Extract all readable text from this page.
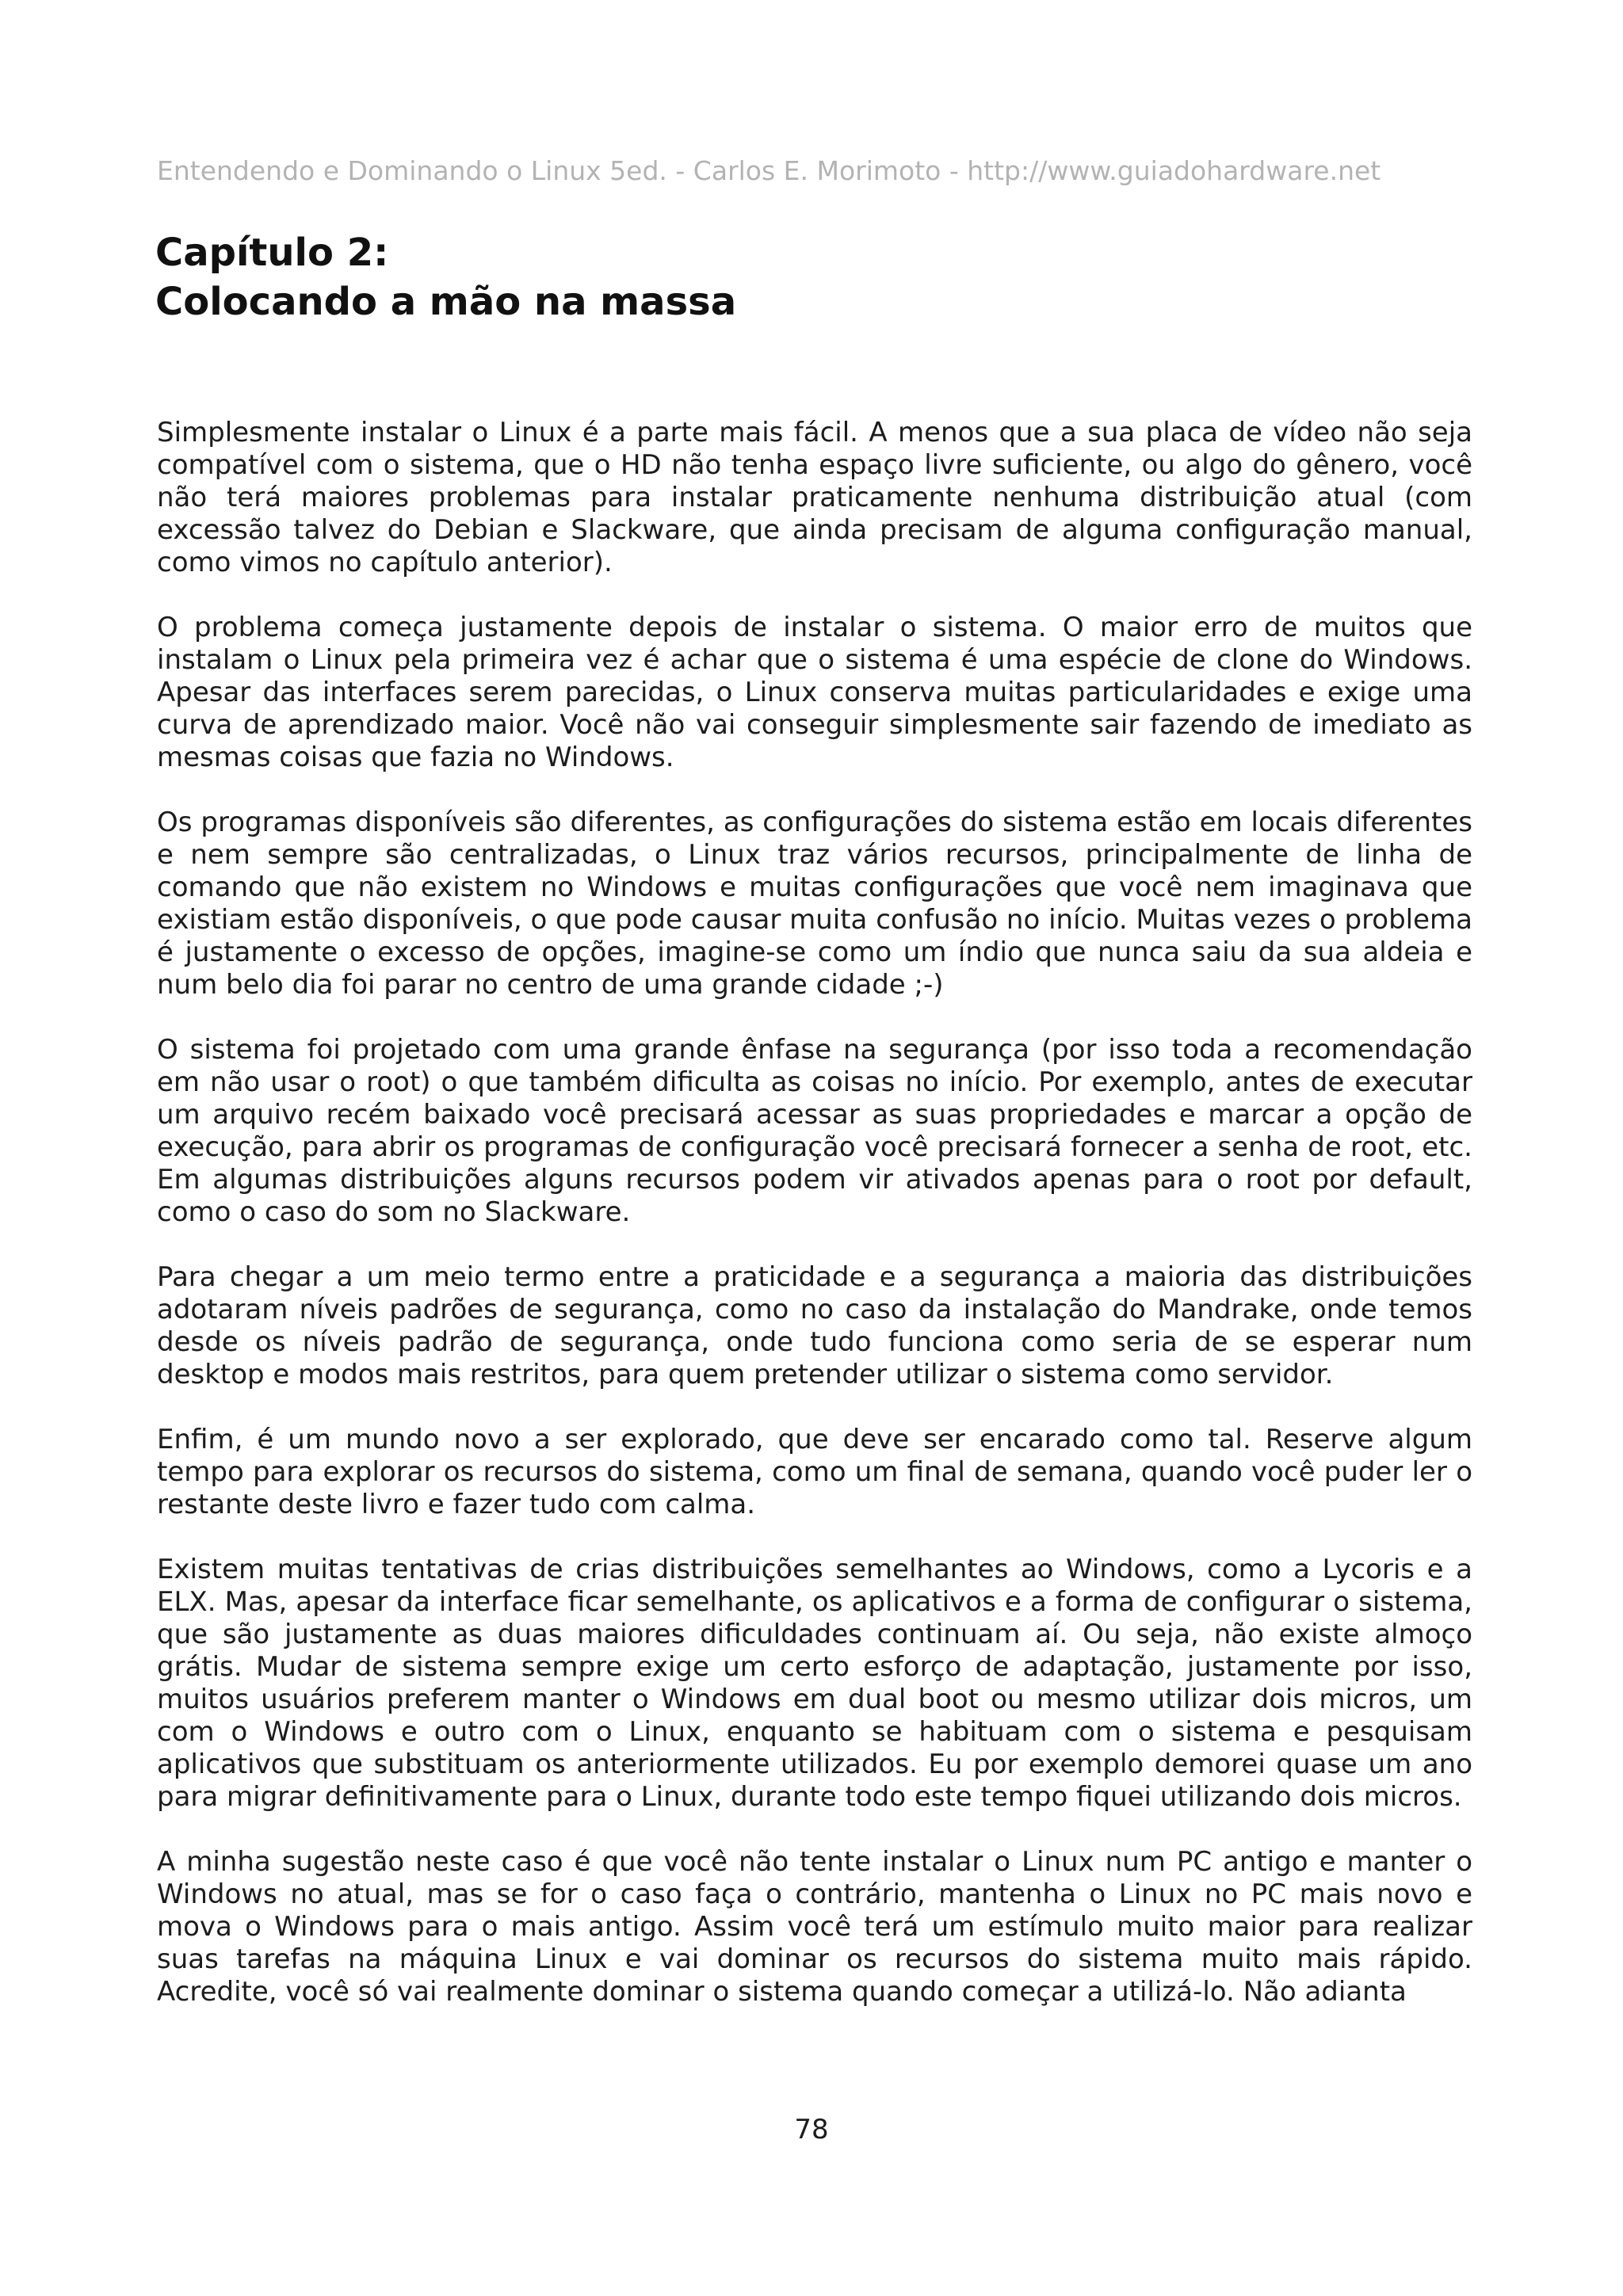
Entendendo e Dominando o Linux 5ed. - Carlos E. Morimoto - http://www.guiadohardware.net
Capítulo 2:
Colocando a mão na massa

Simplesmente instalar o Linux é a parte mais fácil. A menos que a sua placa de vídeo não seja compatível com o sistema, que o HD não tenha espaço livre suficiente, ou algo do gênero, você não terá maiores problemas para instalar praticamente nenhuma distribuição atual (com excessão talvez do Debian e Slackware, que ainda precisam de alguma configuração manual, como vimos no capítulo anterior).

O problema começa justamente depois de instalar o sistema. O maior erro de muitos que instalam o Linux pela primeira vez é achar que o sistema é uma espécie de clone do Windows. Apesar das interfaces serem parecidas, o Linux conserva muitas particularidades e exige uma curva de aprendizado maior. Você não vai conseguir simplesmente sair fazendo de imediato as mesmas coisas que fazia no Windows.

Os programas disponíveis são diferentes, as configurações do sistema estão em locais diferentes e nem sempre são centralizadas, o Linux traz vários recursos, principalmente de linha de comando que não existem no Windows e muitas configurações que você nem imaginava que existiam estão disponíveis, o que pode causar muita confusão no início. Muitas vezes o problema é justamente o excesso de opções, imagine-se como um índio que nunca saiu da sua aldeia e num belo dia foi parar no centro de uma grande cidade ;-)

O sistema foi projetado com uma grande ênfase na segurança (por isso toda a recomendação em não usar o root) o que também dificulta as coisas no início. Por exemplo, antes de executar um arquivo recém baixado você precisará acessar as suas propriedades e marcar a opção de execução, para abrir os programas de configuração você precisará fornecer a senha de root, etc. Em algumas distribuições alguns recursos podem vir ativados apenas para o root por default, como o caso do som no Slackware.

Para chegar a um meio termo entre a praticidade e a segurança a maioria das distribuições adotaram níveis padrões de segurança, como no caso da instalação do Mandrake, onde temos desde os níveis padrão de segurança, onde tudo funciona como seria de se esperar num desktop e modos mais restritos, para quem pretender utilizar o sistema como servidor.

Enfim, é um mundo novo a ser explorado, que deve ser encarado como tal. Reserve algum tempo para explorar os recursos do sistema, como um final de semana, quando você puder ler o restante deste livro e fazer tudo com calma.

Existem muitas tentativas de crias distribuições semelhantes ao Windows, como a Lycoris e a ELX. Mas, apesar da interface ficar semelhante, os aplicativos e a forma de configurar o sistema, que são justamente as duas maiores dificuldades continuam aí. Ou seja, não existe almoço grátis. Mudar de sistema sempre exige um certo esforço de adaptação, justamente por isso, muitos usuários preferem manter o Windows em dual boot ou mesmo utilizar dois micros, um com o Windows e outro com o Linux, enquanto se habituam com o sistema e pesquisam aplicativos que substituam os anteriormente utilizados. Eu por exemplo demorei quase um ano para migrar definitivamente para o Linux, durante todo este tempo fiquei utilizando dois micros.

A minha sugestão neste caso é que você não tente instalar o Linux num PC antigo e manter o Windows no atual, mas se for o caso faça o contrário, mantenha o Linux no PC mais novo e mova o Windows para o mais antigo. Assim você terá um estímulo muito maior para realizar suas tarefas na máquina Linux e vai dominar os recursos do sistema muito mais rápido. Acredite, você só vai realmente dominar o sistema quando começar a utilizá-lo. Não adianta

78
